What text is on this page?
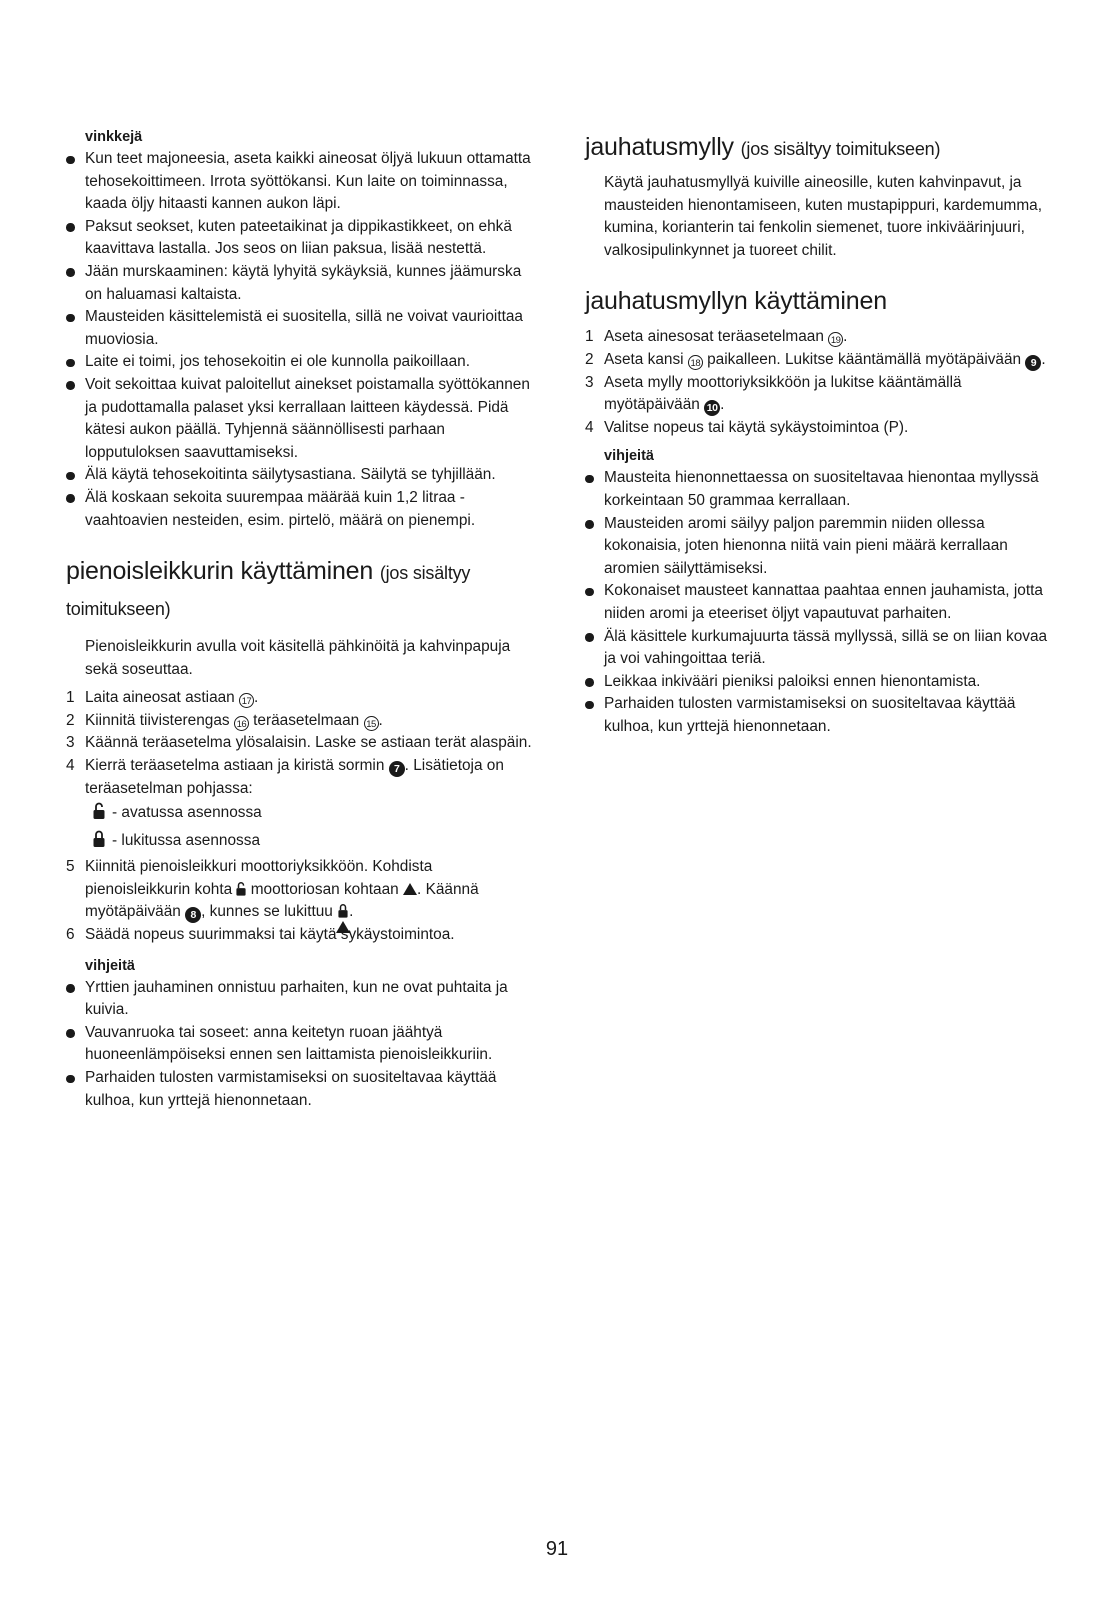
vinkkejä

Kun teet majoneesia, aseta kaikki aineosat öljyä lukuun ottamatta tehosekoittimeen. Irrota syöttökansi. Kun laite on toiminnassa, kaada öljy hitaasti kannen aukon läpi.
Paksut seokset, kuten pateetaikinat ja dippikastikkeet, on ehkä kaavittava lastalla. Jos seos on liian paksua, lisää nestettä.
Jään murskaaminen: käytä lyhyitä sykäyksiä, kunnes jäämurska on haluamasi kaltaista.
Mausteiden käsittelemistä ei suositella, sillä ne voivat vaurioittaa muoviosia.
Laite ei toimi, jos tehosekoitin ei ole kunnolla paikoillaan.
Voit sekoittaa kuivat paloitellut ainekset poistamalla syöttökannen ja pudottamalla palaset yksi kerrallaan laitteen käydessä. Pidä kätesi aukon päällä. Tyhjennä säännöllisesti parhaan lopputuloksen saavuttamiseksi.
Älä käytä tehosekoitinta säilytysastiana. Säilytä se tyhjillään.
Älä koskaan sekoita suurempaa määrää kuin 1,2 litraa - vaahtoavien nesteiden, esim. pirtelö, määrä on pienempi.
pienoisleikkurin käyttäminen (jos sisältyy
toimitukseen)

Pienoisleikkurin avulla voit käsitellä pähkinöitä ja kahvinpapuja sekä soseuttaa.

1 Laita aineosat astiaan 17 .
2 Kiinnitä tiivisterengas 16 teräasetelmaan 15 .
3 Käännä teräasetelma ylösalaisin. Laske se astiaan terät alaspäin.
4 Kierrä teräasetelma astiaan ja kiristä sormin 7 . Lisätietoja on teräasetelman pohjassa:
- avatussa asennossa
- lukitussa asennossa
5 Kiinnitä pienoisleikkuri moottoriyksikköön. Kohdista pienoisleikkurin kohta  moottoriosan kohtaan . Käännä myötäpäivään 8 , kunnes se lukittuu
.
6 Säädä nopeus suurimmaksi tai käytä sykäystoimintoa.

vihjeitä

Yrttien jauhaminen onnistuu parhaiten, kun ne ovat puhtaita ja kuivia.
Vauvanruoka tai soseet: anna keitetyn ruoan jäähtyä huoneenlämpöiseksi ennen sen laittamista pienoisleikkuriin.
Parhaiden tulosten varmistamiseksi on suositeltavaa käyttää kulhoa, kun yrttejä hienonnetaan.
jauhatusmylly (jos sisältyy toimitukseen)

Käytä jauhatusmyllyä kuiville aineosille, kuten kahvinpavut, ja mausteiden hienontamiseen, kuten mustapippuri, kardemumma, kumina, korianterin tai fenkolin siemenet, tuore inkiväärinjuuri, valkosipulinkynnet ja tuoreet chilit.

jauhatusmyllyn käyttäminen
1 Aseta ainesosat teräasetelmaan 19 .
2 Aseta kansi 18 paikalleen. Lukitse kääntämällä myötäpäivään 9 .
3 Aseta mylly moottoriyksikköön ja lukitse kääntämällä myötäpäivään 10 .
4 Valitse nopeus tai käytä sykäystoimintoa (P).

vihjeitä

Mausteita hienonnettaessa on suositeltavaa hienontaa myllyssä korkeintaan 50 grammaa kerrallaan.
Mausteiden aromi säilyy paljon paremmin niiden ollessa kokonaisia, joten hienonna niitä vain pieni määrä kerrallaan aromien säilyttämiseksi.
Kokonaiset mausteet kannattaa paahtaa ennen jauhamista, jotta niiden aromi ja eteeriset öljyt vapautuvat parhaiten.
Älä käsittele kurkumajuurta tässä myllyssä, sillä se on liian kovaa ja voi vahingoittaa teriä.
Leikkaa inkivääri pieniksi paloiksi ennen hienontamista.
Parhaiden tulosten varmistamiseksi on suositeltavaa käyttää kulhoa, kun yrttejä hienonnetaan.
91
